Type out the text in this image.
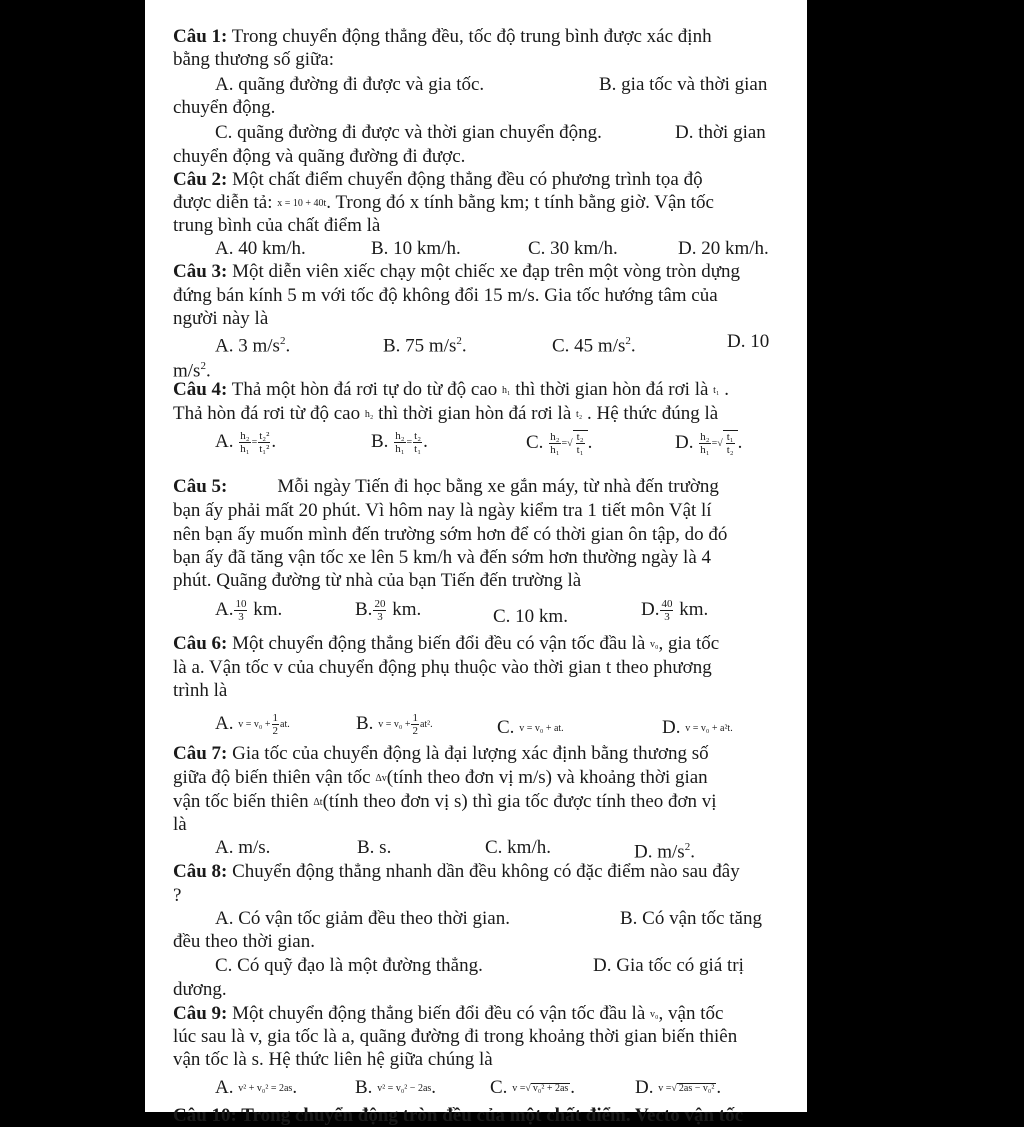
Câu 1: Trong chuyển động thẳng đều, tốc độ trung bình được xác định
bằng thương số giữa:
A. quãng đường đi được và gia tốc.	B. gia tốc và thời gian
chuyển động.
C. quãng đường đi được và thời gian chuyển động.	D. thời gian
chuyển động và quãng đường đi được.
Câu 2: Một chất điểm chuyển động thẳng đều có phương trình tọa độ
được diễn tả: x = 10 + 40t. Trong đó x tính bằng km; t tính bằng giờ. Vận tốc
trung bình của chất điểm là
A. 40 km/h.	B. 10 km/h.	C. 30 km/h.	D. 20 km/h.
Câu 3: Một diễn viên xiếc chạy một chiếc xe đạp trên một vòng tròn dựng
đứng bán kính 5 m với tốc độ không đổi 15 m/s. Gia tốc hướng tâm của
người này là
A. 3 $m/s^2$.	B. 75 $m/s^2$.	C. 45 $m/s^2$.	D. 10
$m/s^2$.
Câu 4: Thả một hòn đá rơi tự do từ độ cao h₁ thì thời gian hòn đá rơi là t₁ .
Thả hòn đá rơi từ độ cao h₂ thì thời gian hòn đá rơi là t₂ . Hệ thức đúng là
A. $\frac{\text{h₂}}{\text{h₁}} = \frac{\text{t₂²}}{\text{t₁²}}$ .	B. $\frac{\text{h₂}}{\text{h₁}} = \frac{\text{t₂}}{\text{t₁}}$ .	C. $\frac{\text{h₂}}{\text{h₁}}$ =√ $\frac{\text{t₂}}{\text{t₁}}$ .	D. $\frac{\text{h₂}}{\text{h₁}}$ =√ $\frac{\text{t₁}}{\text{t₂}}$ .
Câu 5:	Mỗi ngày Tiến đi học bằng xe gắn máy, từ nhà đến trường
bạn ấy phải mất 20 phút. Vì hôm nay là ngày kiểm tra 1 tiết môn Vật lí
nên bạn ấy muốn mình đến trường sớm hơn để có thời gian ôn tập, do đó
bạn ấy đã tăng vận tốc xe lên 5 km/h và đến sớm hơn thường ngày là 4
phút. Quãng đường từ nhà của bạn Tiến đến trường là
A. $\frac{10}{3}$ km.	B. $\frac{20}{3}$ km.	C. 10 km.	D. $\frac{40}{3}$ km.
Câu 6: Một chuyển động thẳng biến đổi đều có vận tốc đầu là v₀, gia tốc
là a. Vận tốc v của chuyển động phụ thuộc vào thời gian t theo phương
trình là
A. $v = v_0 + \frac{1}{2}$ at.	B. $v = v_0 + \frac{1}{2} at^2$.	C. v = v₀ + at.	D. v = v₀ + a²t.
Câu 7: Gia tốc của chuyển động là đại lượng xác định bằng thương số
giữa độ biến thiên vận tốc Δv(tính theo đơn vị m/s) và khoảng thời gian
vận tốc biến thiên Δt(tính theo đơn vị s) thì gia tốc được tính theo đơn vị
là
A. m/s.	B. s.	C. km/h.	D. $m/s^2$.
Câu 8: Chuyển động thẳng nhanh dần đều không có đặc điểm nào sau đây
?
A. Có vận tốc giảm đều theo thời gian.	B. Có vận tốc tăng
đều theo thời gian.
C. Có quỹ đạo là một đường thẳng.	D. Gia tốc có giá trị
dương.
Câu 9: Một chuyển động thẳng biến đổi đều có vận tốc đầu là v₀, vận tốc
lúc sau là v, gia tốc là a, quãng đường đi trong khoảng thời gian biến thiên
vận tốc là s. Hệ thức liên hệ giữa chúng là
A. v² + v₀² = 2as.	B. v² = v₀² − 2as.	C. v =√ v₀² + 2as .	D. v =√ 2as − v₀² .
Câu 10: Trong chuyển động tròn đều của một chất điểm. Vecto vận tốc
